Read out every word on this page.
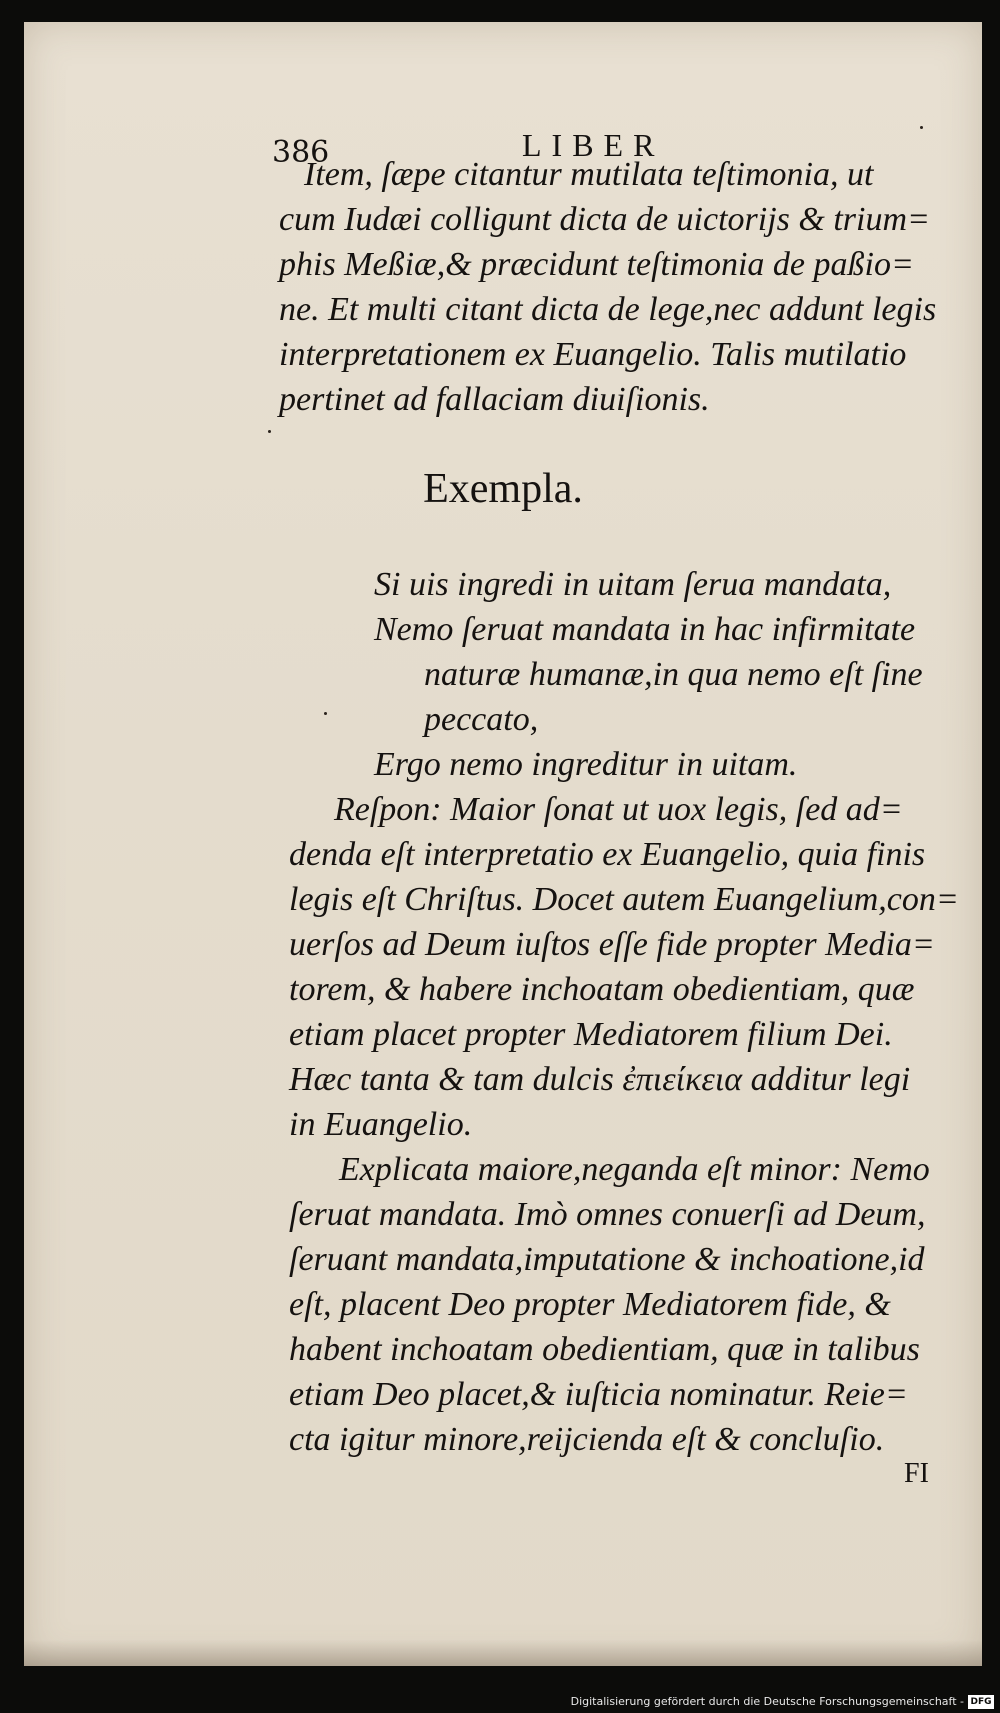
386	LIBER
Item, ſæpe citantur mutilata teſtimonia, ut
cum Iudæi colligunt dicta de uictorijs & trium=
phis Meßiæ,& præcidunt teſtimonia de paßio=
ne. Et multi citant dicta de lege,nec addunt legis
interpretationem ex Euangelio. Talis mutilatio
pertinet ad fallaciam diuiſionis.
Exempla.
Si uis ingredi in uitam ſerua mandata,
Nemo ſeruat mandata in hac infirmitate
naturæ humanæ,in qua nemo eſt ſine
peccato,
Ergo nemo ingreditur in uitam.
Reſpon: Maior ſonat ut uox legis, ſed ad=
denda eſt interpretatio ex Euangelio, quia finis
legis eſt Chriſtus. Docet autem Euangelium,con=
uerſos ad Deum iuſtos eſſe fide propter Media=
torem, & habere inchoatam obedientiam, quæ
etiam placet propter Mediatorem filium Dei.
Hæc tanta & tam dulcis ἐπιείκεια additur legi
in Euangelio.
Explicata maiore,neganda eſt minor: Nemo
ſeruat mandata. Imò omnes conuerſi ad Deum,
ſeruant mandata,imputatione & inchoatione,id
eſt, placent Deo propter Mediatorem fide, &
habent inchoatam obedientiam, quæ in talibus
etiam Deo placet,& iuſticia nominatur. Reie=
cta igitur minore,reijcienda eſt & concluſio.
FI
Digitalisierung gefördert durch die Deutsche Forschungsgemeinschaft - DFG
